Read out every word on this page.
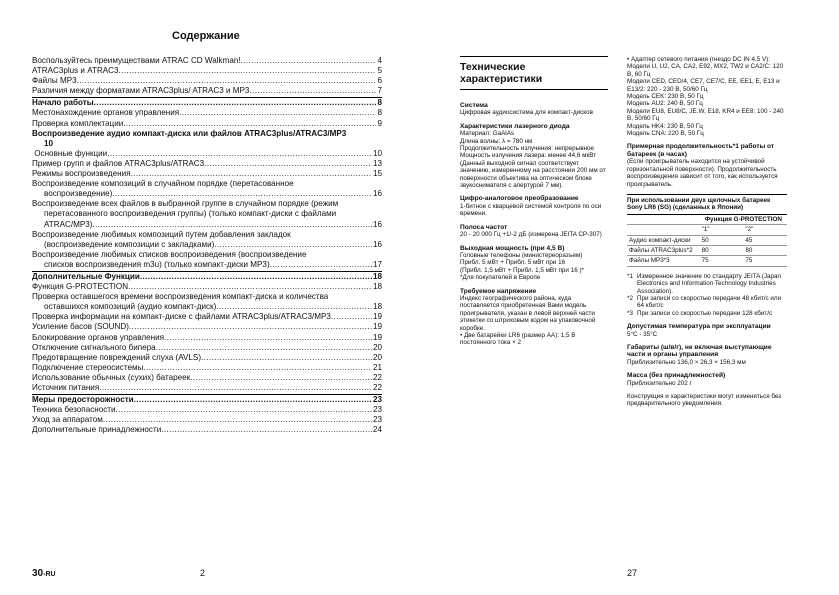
Содержание
Воспользуйтесь преимуществами ATRAC CD Walkman! .....	4
ATRAC3plus и ATRAC3 .....	5
Файлы MP3 .....	6
Различия между форматами ATRAC3plus/ ATRAC3 и MP3 .....	7
Начало работы .....	8
Местонахождение органов управления .....	8
Проверка комплектации .....	9
Воспроизведение аудио компакт-диска или файлов ATRAC3plus/ATRAC3/MP3
10
Основные функции .....	10
Пример групп и файлов ATRAC3plus/ATRAC3 .....	13
Режимы воспроизведения .....	15
Воспроизведение композиций в случайном порядке (перетасованное
воспроизведение) .....	16
Воспроизведение всех файлов в выбранной группе в случайном порядке (режим
перетасованного воспроизведения группы) (только компакт-диски с файлами
ATRAC/MP3) .....	16
Воспроизведение любимых композиций путем добавления закладок
(воспроизведение композиции с закладками) .....	16
Воспроизведение любимых списков воспроизведения (воспроизведение
списков воспроизведения m3u) (только компакт-диски MP3) .....	17
Дополнительные Функции .....	18
Функция G-PROTECTION .....	18
Проверка оставшегося времени воспроизведения компакт-диска и количества
оставшихся композиций (аудио компакт-диск) .....	18
Проверка информации на компакт-диске с файлами ATRAC3plus/ATRAC3/MP3 .....	19
Усиление басов (SOUND) .....	19
Блокирование органов управления .....	19
Отключение сигнального бипера .....	20
Предотвращение повреждений слуха (AVLS) .....	20
Подключение стереосистемы .....	21
Использование обычных (сухих) батареек .....	22
Источник питания .....	22
Меры предосторожности .....	23
Техника безопасности .....	23
Уход за аппаратом .....	23
Дополнительные принадлежности .....	24
30-RU	2	27
Технические характеристики
Система
Цифровая аудиосистема для компакт-дисков
Характеристики лазерного диода
Материал: GaAlAs
Длина волны: λ = 780 нм
Продолжительность излучения: непрерывное
Мощность излучения лазера: менее 44,6 мкВт
(Данный выходной сигнал соответствует значению, измеренному на расстоянии 200 мм от поверхности объектива на оптическом блоке звукоснимателя с апертурой 7 мм).
Цифро-аналоговое преобразование
1-битное с кварцевой системой контроля по оси времени.
Полоса частот
20 - 20 000 Гц +1/-2 дБ (измерена JEITA CP-307)
Выходная мощность (при 4,5 В)
Головные телефоны (министереоразъем)
Прибл. 5 мВт + Прибл. 5 мВт при 16
(Прибл. 1,5 мВт + Прибл. 1,5 мВт при 16 )*
*Для покупателей в Европе
Требуемое напряжение
Индекс географического района, куда поставляется приобретенная Вами модель проигрывателя, указан в левой верхней части этикетки со штриховым кодом на упаковочной коробке.
• Две батарейки LR6 (размер AA): 1,5 В постоянного тока × 2
• Адаптер сетевого питания (гнездо DC IN 4,5 V):
Модели U, U2, CA, CA2, E92, MX2, TW2 и CA2/C: 120 В, 60 Гц
Модели CED, CED/4, CE7, CE7/C, EE, EE1, E, E13 и E13/2: 220 - 230 В, 50/60 Гц
Модель CEK: 230 В, 50 Гц
Модель AU2: 240 В, 50 Гц
Модели EU8, EU8/C, JE.W, E18, KR4 и EE8: 100 - 240 В, 50/60 Гц
Модель HK4: 230 В, 50 Гц
Модель CNA: 220 В, 50 Гц
Примерная продолжительность*1 работы от батареек (в часах)
(Если проигрыватель находится на устойчивой горизонтальной поверхности). Продолжительность воспроизведения зависит от того, как используется проигрыватель.
При использовании двух щелочных батареек Sony LR6 (SG) (сделанных в Японии)
	Функция G-PROTECTION	
	"1"	"2"
Аудио компакт-диски	50	45
Файлы ATRAC3plus*2	80	80
Файлы MP3*3	75	75
*1 Измеренное значение по стандарту JEITA (Japan Electronics and Information Technology Industries Association).
*2 При записи со скоростью передачи 48 кбит/с или 64 кбит/с
*3 При записи со скоростью передачи 128 кбит/с
Допустимая температура при эксплуатации
5°C - 35°C
Габариты (ш/в/г), не включая выступающие части и органы управления
Приблизительно 136,0 × 26,3 × 156,3 мм
Масса (без принадлежностей)
Приблизительно 202 г
Конструкция и характеристики могут изменяться без предварительного уведомления.
